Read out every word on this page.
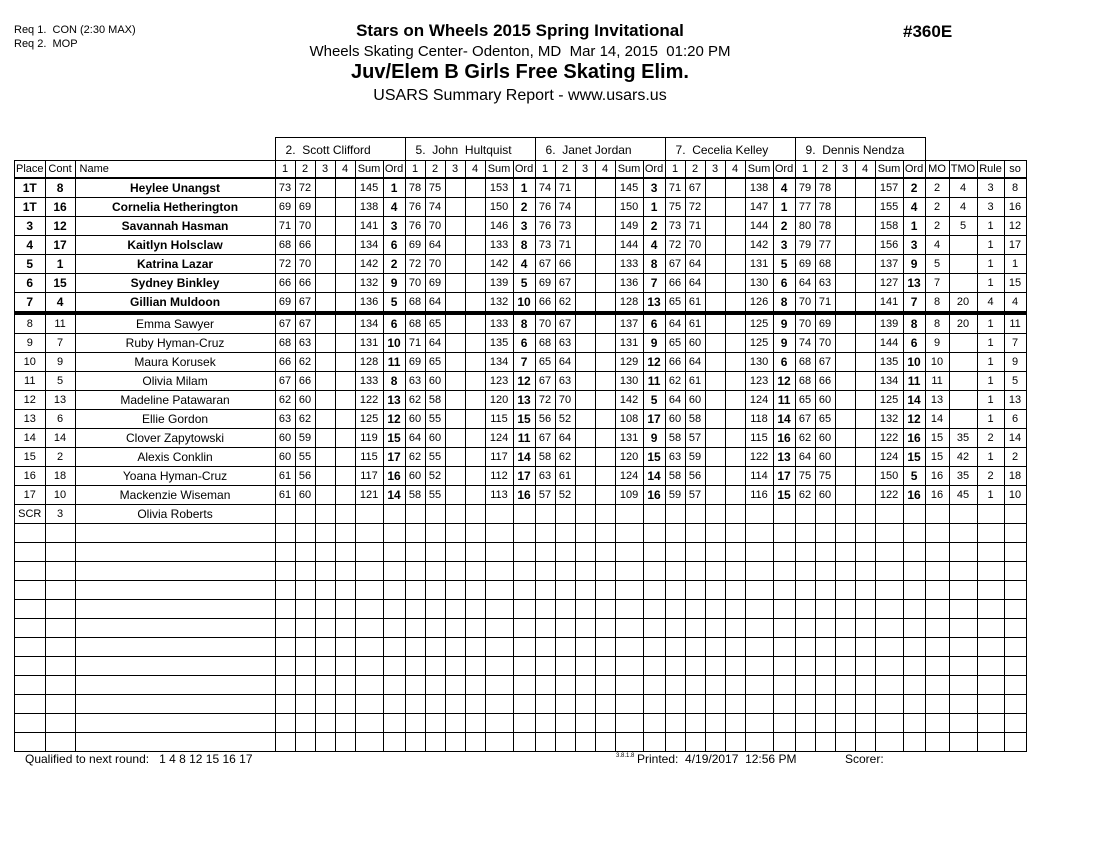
Req 1.  CON (2:30 MAX)
Req 2.  MOP
#360E
Stars on Wheels 2015 Spring Invitational
Wheels Skating Center- Odenton, MD  Mar 14, 2015  01:20 PM
Juv/Elem B Girls Free Skating Elim.
USARS Summary Report - www.usars.us
			2.  Scott Clifford						5.  John  Hultquist						6.  Janet Jordan						7.  Cecelia Kelley						9.  Dennis Nendza									
Place	Cont	Name	1	2	3	4	Sum	Ord	1	2	3	4	Sum	Ord	1	2	3	4	Sum	Ord	1	2	3	4	Sum	Ord	1	2	3	4	Sum	Ord	MO	TMO	Rule	so
1T	8	Heylee Unangst	73	72			145	1	78	75			153	1	74	71			145	3	71	67			138	4	79	78			157	2	2	4	3	8
1T	16	Cornelia Hetherington	69	69			138	4	76	74			150	2	76	74			150	1	75	72			147	1	77	78			155	4	2	4	3	16
3	12	Savannah Hasman	71	70			141	3	76	70			146	3	76	73			149	2	73	71			144	2	80	78			158	1	2	5	1	12
4	17	Kaitlyn Holsclaw	68	66			134	6	69	64			133	8	73	71			144	4	72	70			142	3	79	77			156	3	4		1	17
5	1	Katrina Lazar	72	70			142	2	72	70			142	4	67	66			133	8	67	64			131	5	69	68			137	9	5		1	1
6	15	Sydney Binkley	66	66			132	9	70	69			139	5	69	67			136	7	66	64			130	6	64	63			127	13	7		1	15
7	4	Gillian Muldoon	69	67			136	5	68	64			132	10	66	62			128	13	65	61			126	8	70	71			141	7	8	20	4	4
8	11	Emma Sawyer	67	67			134	6	68	65			133	8	70	67			137	6	64	61			125	9	70	69			139	8	8	20	1	11
9	7	Ruby Hyman-Cruz	68	63			131	10	71	64			135	6	68	63			131	9	65	60			125	9	74	70			144	6	9		1	7
10	9	Maura Korusek	66	62			128	11	69	65			134	7	65	64			129	12	66	64			130	6	68	67			135	10	10		1	9
11	5	Olivia Milam	67	66			133	8	63	60			123	12	67	63			130	11	62	61			123	12	68	66			134	11	11		1	5
12	13	Madeline Patawaran	62	60			122	13	62	58			120	13	72	70			142	5	64	60			124	11	65	60			125	14	13		1	13
13	6	Ellie Gordon	63	62			125	12	60	55			115	15	56	52			108	17	60	58			118	14	67	65			132	12	14		1	6
14	14	Clover Zapytowski	60	59			119	15	64	60			124	11	67	64			131	9	58	57			115	16	62	60			122	16	15	35	2	14
15	2	Alexis Conklin	60	55			115	17	62	55			117	14	58	62			120	15	63	59			122	13	64	60			124	15	15	42	1	2
16	18	Yoana Hyman-Cruz	61	56			117	16	60	52			112	17	63	61			124	14	58	56			114	17	75	75			150	5	16	35	2	18
17	10	Mackenzie Wiseman	61	60			121	14	58	55			113	16	57	52			109	16	59	57			116	15	62	60			122	16	16	45	1	10
SCR	3	Olivia Roberts																																		

Qualified to next round:   1 4 8 12 15 16 17	3.8.1.8 Printed:  4/19/2017  12:56 PM	Scorer:
